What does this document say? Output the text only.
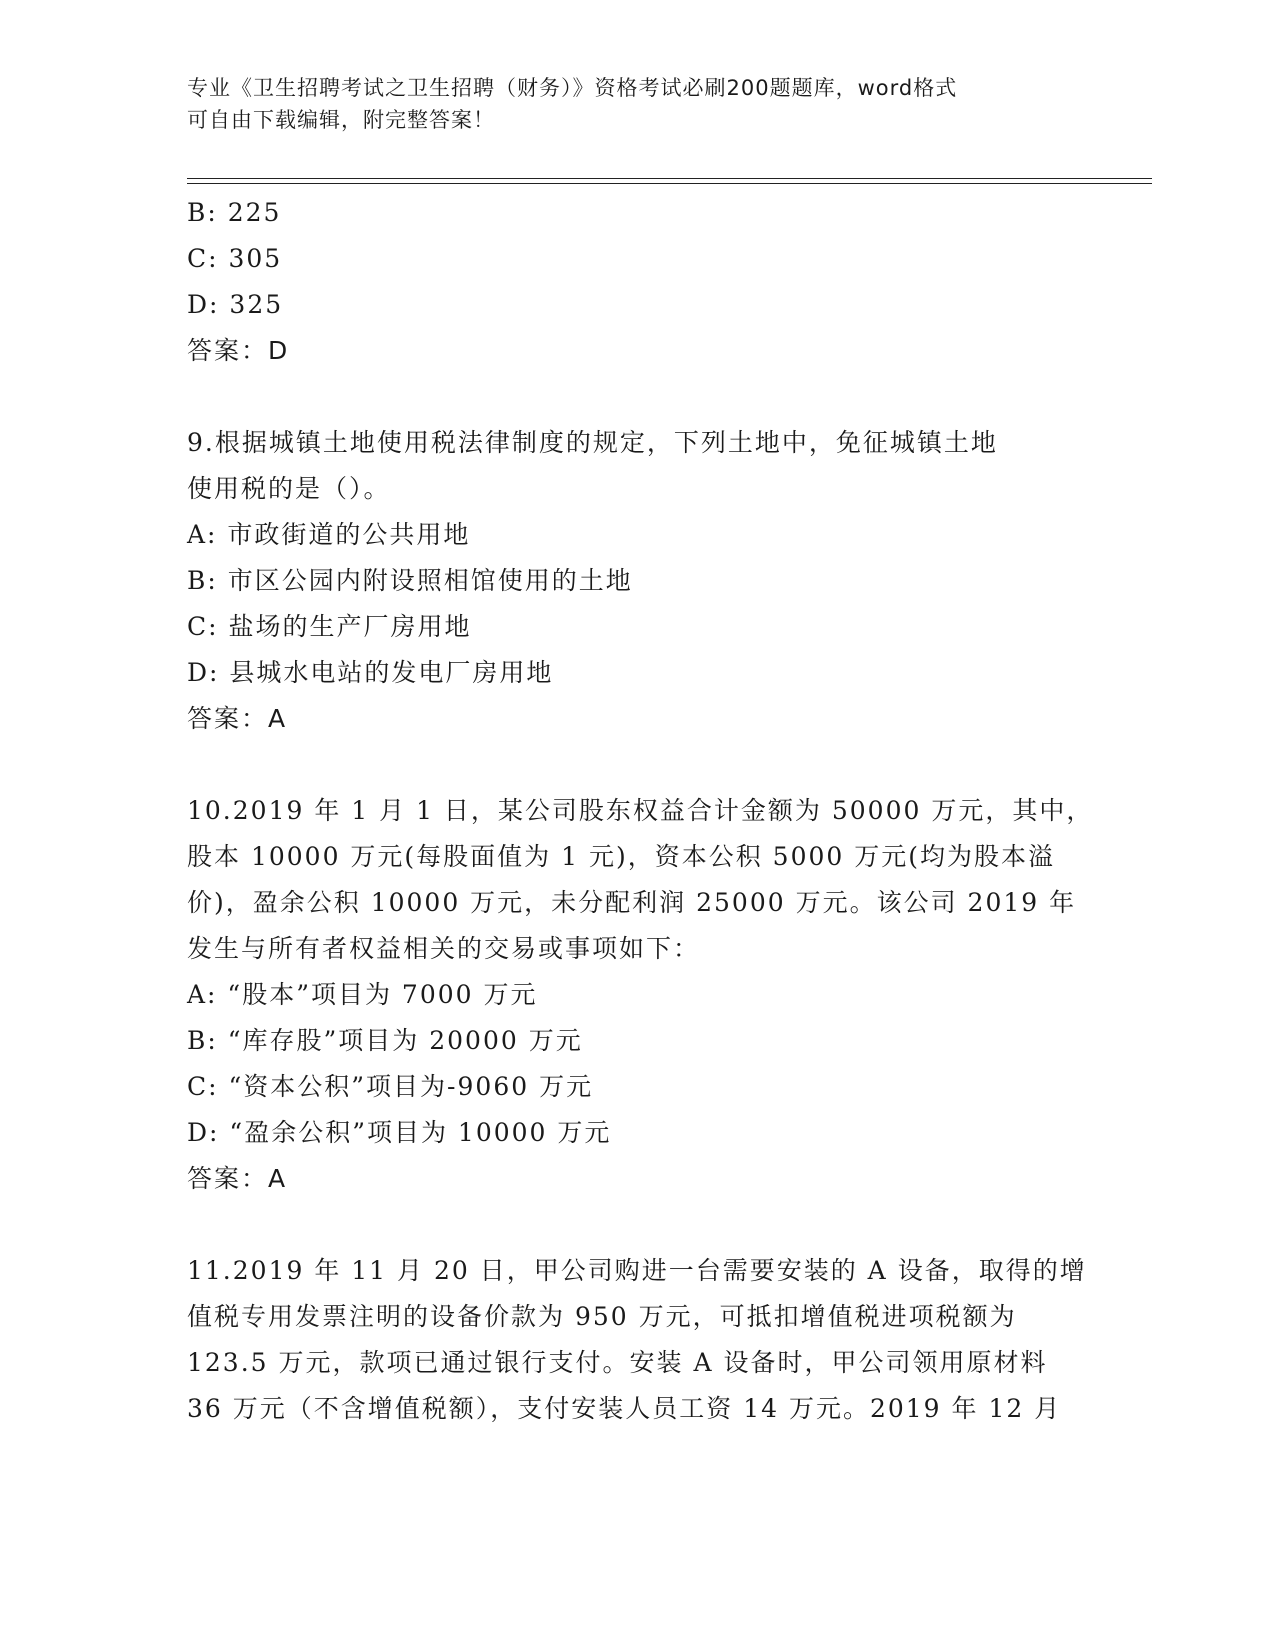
专业《卫生招聘考试之卫生招聘（财务）》资格考试必刷200题题库，word格式
可自由下载编辑，附完整答案！
B: 225
C: 305
D: 325
答案：D
9.根据城镇土地使用税法律制度的规定，下列土地中，免征城镇土地
使用税的是（）。
A: 市政街道的公共用地
B: 市区公园内附设照相馆使用的土地
C: 盐场的生产厂房用地
D: 县城水电站的发电厂房用地
答案：A
10.2019 年 1 月 1 日，某公司股东权益合计金额为 50000 万元，其中，
股本 10000 万元(每股面值为 1 元)，资本公积 5000 万元(均为股本溢
价)，盈余公积 10000 万元，未分配利润 25000 万元。该公司 2019 年
发生与所有者权益相关的交易或事项如下：
A: “股本”项目为 7000 万元
B: “库存股”项目为 20000 万元
C: “资本公积”项目为-9060 万元
D: “盈余公积”项目为 10000 万元
答案：A
11.2019 年 11 月 20 日，甲公司购进一台需要安装的 A 设备，取得的增
值税专用发票注明的设备价款为 950 万元，可抵扣增值税进项税额为
123.5 万元，款项已通过银行支付。安装 A 设备时，甲公司领用原材料
36 万元（不含增值税额），支付安装人员工资 14 万元。2019 年 12 月
